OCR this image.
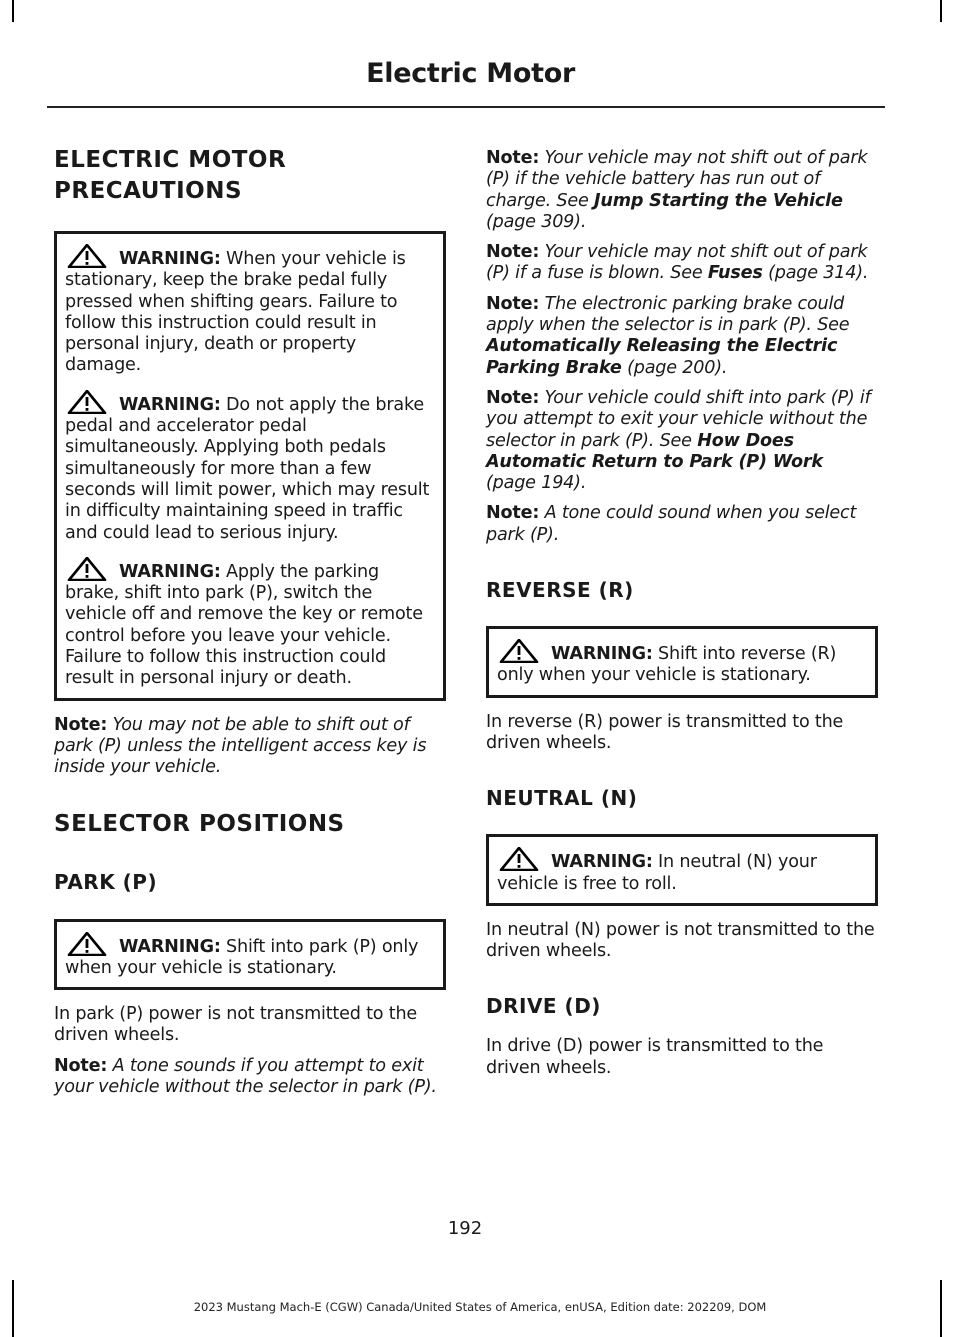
Electric Motor

ELECTRIC MOTOR

PRECAUTIONS

WARNING: When your vehicle is stationary, keep the brake pedal fully pressed when shifting gears. Failure to follow this instruction could result in personal injury, death or property damage.

WARNING: Do not apply the brake pedal and accelerator pedal simultaneously. Applying both pedals simultaneously for more than a few seconds will limit power, which may result in difficulty maintaining speed in traffic and could lead to serious injury.

WARNING: Apply the parking brake, shift into park (P), switch the vehicle off and remove the key or remote control before you leave your vehicle. Failure to follow this instruction could result in personal injury or death.

Note: You may not be able to shift out of park (P) unless the intelligent access key is inside your vehicle.

SELECTOR POSITIONS

PARK (P)

WARNING: Shift into park (P) only when your vehicle is stationary.

In park (P) power is not transmitted to the driven wheels.

Note: A tone sounds if you attempt to exit your vehicle without the selector in park (P).

Note: Your vehicle may not shift out of park (P) if the vehicle battery has run out of charge. See Jump Starting the Vehicle (page 309).

Note: Your vehicle may not shift out of park (P) if a fuse is blown. See Fuses (page 314).

Note: The electronic parking brake could apply when the selector is in park (P). See Automatically Releasing the Electric Parking Brake (page 200).

Note: Your vehicle could shift into park (P) if you attempt to exit your vehicle without the selector in park (P). See How Does Automatic Return to Park (P) Work (page 194).

Note: A tone could sound when you select park (P).

REVERSE (R)

WARNING: Shift into reverse (R) only when your vehicle is stationary.

In reverse (R) power is transmitted to the driven wheels.

NEUTRAL (N)

WARNING: In neutral (N) your vehicle is free to roll.

In neutral (N) power is not transmitted to the driven wheels.

DRIVE (D)

In drive (D) power is transmitted to the driven wheels.

192
2023 Mustang Mach-E (CGW) Canada/United States of America, enUSA, Edition date: 202209, DOM
